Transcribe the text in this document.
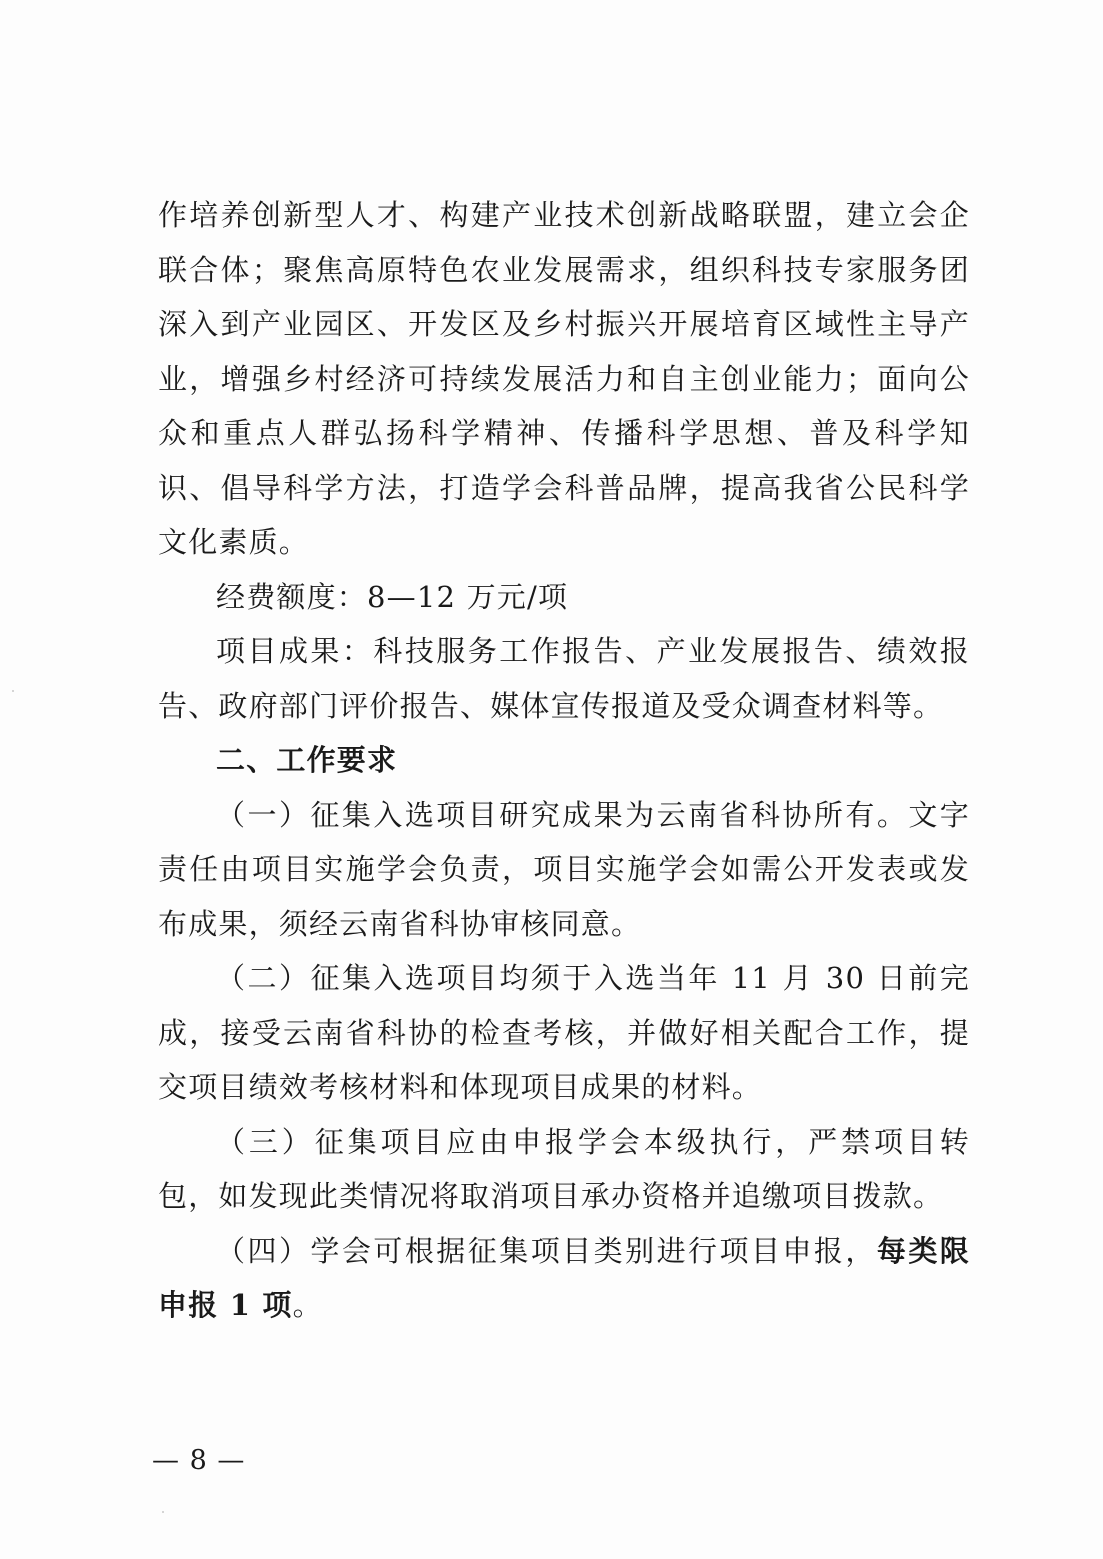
作培养创新型人才、构建产业技术创新战略联盟，建立会企联合体；聚焦高原特色农业发展需求，组织科技专家服务团深入到产业园区、开发区及乡村振兴开展培育区域性主导产业，增强乡村经济可持续发展活力和自主创业能力；面向公众和重点人群弘扬科学精神、传播科学思想、普及科学知识、倡导科学方法，打造学会科普品牌，提高我省公民科学文化素质。

经费额度：8—12 万元/项

项目成果：科技服务工作报告、产业发展报告、绩效报告、政府部门评价报告、媒体宣传报道及受众调查材料等。

二、工作要求

（一）征集入选项目研究成果为云南省科协所有。文字责任由项目实施学会负责，项目实施学会如需公开发表或发布成果，须经云南省科协审核同意。

（二）征集入选项目均须于入选当年 11 月 30 日前完成，接受云南省科协的检查考核，并做好相关配合工作，提交项目绩效考核材料和体现项目成果的材料。

（三）征集项目应由申报学会本级执行，严禁项目转包，如发现此类情况将取消项目承办资格并追缴项目拨款。

（四）学会可根据征集项目类别进行项目申报，每类限申报 1 项。

— 8 —
